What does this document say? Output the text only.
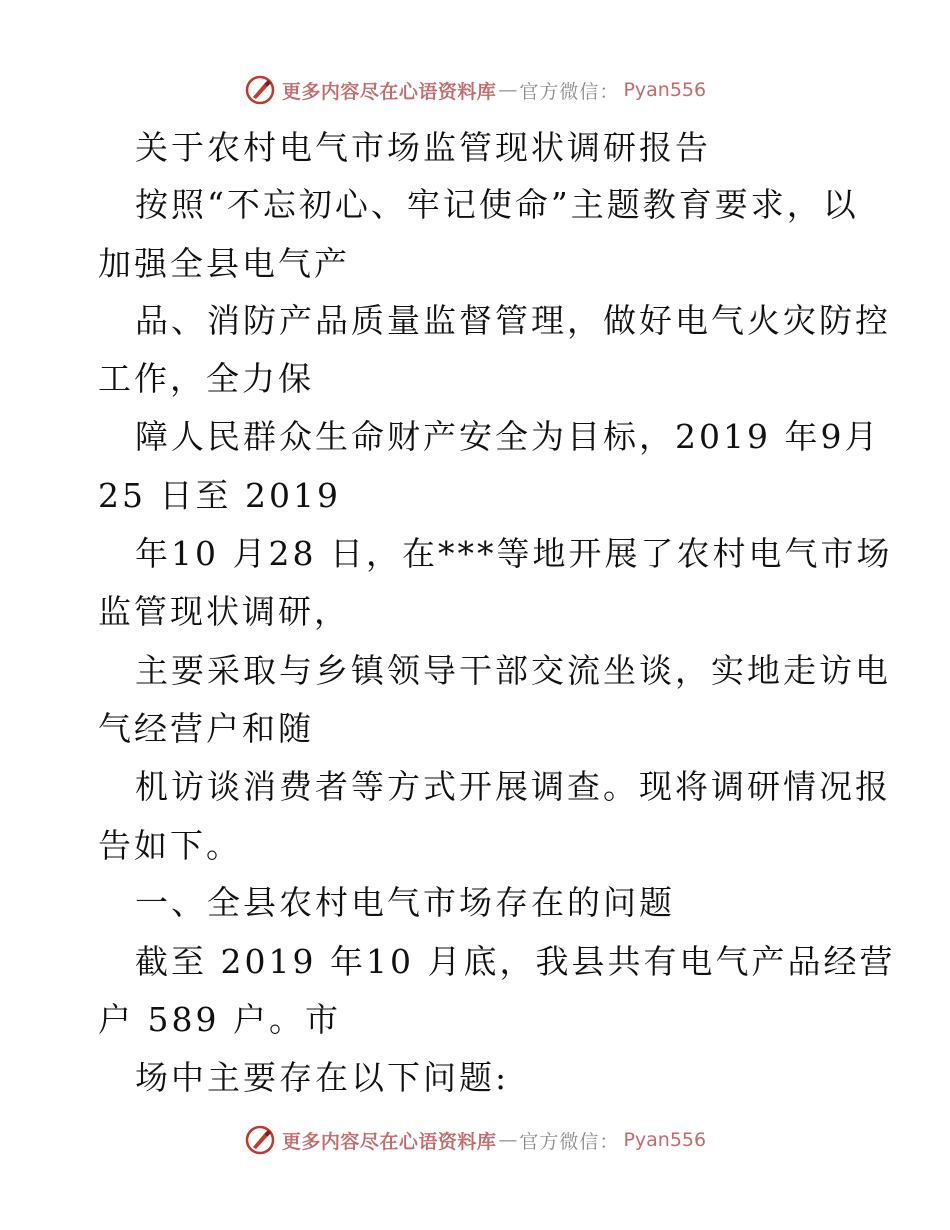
更多内容尽在心语资料库 — 官方微信： Pyan556
关于农村电气市场监管现状调研报告
按照“不忘初心、牢记使命”主题教育要求，以
加强全县电气产
品、消防产品质量监督管理，做好电气火灾防控
工作，全力保
障人民群众生命财产安全为目标，2019 年9月
25 日至 2019
年10 月28 日，在***等地开展了农村电气市场
监管现状调研，
主要采取与乡镇领导干部交流坐谈，实地走访电
气经营户和随
机访谈消费者等方式开展调查。现将调研情况报
告如下。
一、全县农村电气市场存在的问题
截至 2019 年10 月底，我县共有电气产品经营
户 589 户。市
场中主要存在以下问题:
更多内容尽在心语资料库 — 官方微信： Pyan556
